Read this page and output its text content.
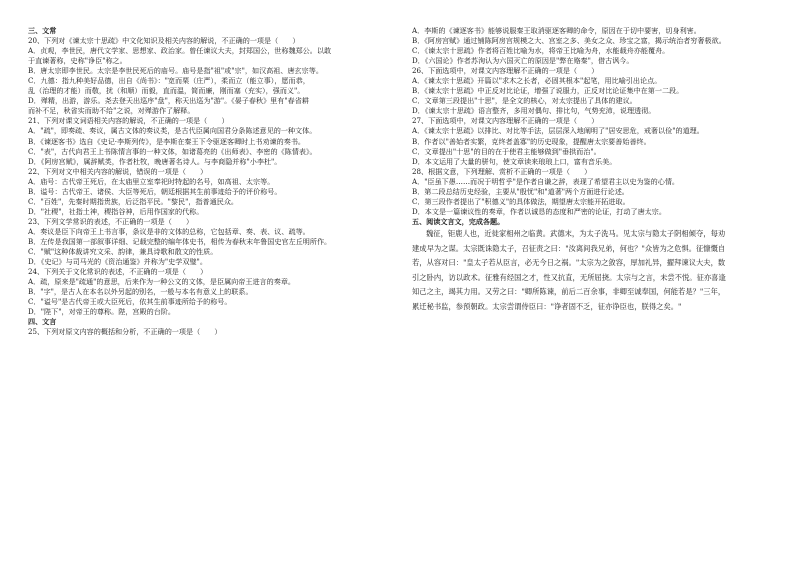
三、文常
20、下列对《谏太宗十思疏》中文化知识及相关内容的解说，不正确的一项是（　　）
A．贞观，李世民，唐代文学家、思想家、政治家。曾任谏议大夫，封郑国公，世称魏郑公。以敢
于直谏著称，史称"诤臣"称之。
B．唐太宗即李世民。太宗是李世民死后的庙号。庙号是指"祖"或"宗"，如汉高祖、唐玄宗等。
C．九德：指九种美好品德，出自《尚书》："宽而栗（庄严），柔而立（能立事），愿而恭，
乱（治理的才能）而敬，扰（和顺）而毅，直而温，简而廉，刚而塞（充实），强而义"。
D．殚精，出游，游乐。尧去登天出巡序"盘"，称天出巡为"游"。《晏子春秋》里有"春省耕
而补不足，秋省实而助不给"之说，对殚游作了解释。
21、下列对课文词语相关内容的解说，不正确的一项是（　　）
A．"疏"，即奏疏、奏议，属古文体的奏议类，是古代臣属向国君分条陈述意见的一种文体。
B．《谏逐客书》选自《史记·李斯列传》，是李斯在秦王下令驱逐客卿时上书劝谏的奏书。
C．"表"，古代向君王上书陈情言事的一种文体，如诸葛亮的《出师表》、李密的《陈情表》。
D．《阿房宫赋》，属辞赋类，作者杜牧，晚唐著名诗人。与李商隐并称"小李杜"。
22、下列对文中相关内容的解说，错误的一项是（　　）
A．庙号：古代帝王死后，在太庙里立室奉祀时特起的名号，如高祖、太宗等。
B．谥号：古代帝王、诸侯、大臣等死后，朝廷根据其生前事迹给予的评价称号。
C．"百姓"，先秦时期指贵族，后泛指平民。"黎民"，指普通民众。
D．"社稷"，社指土神，稷指谷神，后用作国家的代称。
23、下列文学常识的表述，不正确的一项是（　　）
A．奏议是臣下向帝王上书言事，条议是非的文体的总称，它包括章、奏、表、议、疏等。
B．左传是我国第一部叙事详细、记载完整的编年体史书，相传为春秋末年鲁国史官左丘明所作。
C．"赋"这种体裁讲究文采、韵律，兼具诗歌和散文的性质。
D．《史记》与司马光的《资治通鉴》并称为"史学双璧"。
24、下列关于文化常识的表述，不正确的一项是（　　）
A．疏，原来是"疏通"的意思，后来作为一种公文的文体，是臣属向帝王进言的奏章。
B．"字"，是古人在本名以外另起的别名，一般与本名有意义上的联系。
C．"谥号"是古代帝王或大臣死后，依其生前事迹所给予的称号。
D．"陛下"，对帝王的尊称。陛，宫殿的台阶。
四、文言
25、下列对原文内容的概括和分析，不正确的一项是（　　）
A．李斯的《谏逐客书》能够说服秦王取消驱逐客卿的命令，原因在于切中要害，切身利害。
B．《阿房宫赋》通过铺陈阿房宫规模之大、宫室之多、美女之众、珍宝之富，揭示统治者穷奢极欲。
C．《谏太宗十思疏》作者将百姓比喻为水，将帝王比喻为舟，水能载舟亦能覆舟。
D．《六国论》作者苏洵认为六国灭亡的原因是"弊在赂秦"，借古讽今。
26、下面选项中，对课文内容理解不正确的一项是（　　）
A．《谏太宗十思疏》开篇以"求木之长者，必固其根本"起笔，用比喻引出论点。
B．《谏太宗十思疏》中正反对比论证，增强了说服力，正反对比论证集中在第一二段。
C．文章第三段提出"十思"，是全文的核心，对太宗提出了具体的建议。
D．《谏太宗十思疏》语言整齐，多用对偶句、排比句，气势充沛，说理透彻。
27、下面选项中，对课文内容理解不正确的一项是（　　）
A．《谏太宗十思疏》以排比、对比等手法，层层深入地阐明了"居安思危，戒奢以俭"的道理。
B．作者以"善始者实繁，克终者盖寡"的历史现象，提醒唐太宗要善始善终。
C．文章提出"十思"的目的在于使君主能够做到"垂拱而治"。
D．本文运用了大量的骈句，使文章读来琅琅上口，富有音乐美。
28、根据文意，下列理解、赏析不正确的一项是（　　）
A．"臣虽下愚……而况于明哲乎"是作者自谦之辞，表现了希望君主以史为鉴的心情。
B．第二段总结历史经验，主要从"殷忧"和"道著"两个方面进行论述。
C．第三段作者提出了"积德义"的具体做法，期望唐太宗能开拓进取。
D．本文是一篇谏议性的奏章，作者以诚恳的态度和严密的论证，打动了唐太宗。
五、阅读文言文，完成各题。
魏征，钜鹿人也，近徙家相州之临黄。武德末，为太子洗马。见太宗与隐太子阴相倾夺，每劝
建成早为之谋。太宗既诛隐太子，召征责之曰："汝离间我兄弟，何也？"众皆为之危惧。征慷慨自
若，从容对曰："皇太子若从臣言，必无今日之祸。"太宗为之敛容，厚加礼异，擢拜谏议大夫，数
引之卧内，访以政术。征雅有经国之才，性又抗直，无所屈挠。太宗与之言，未尝不悦。征亦喜逢
知己之主，竭其力用。又劳之曰："卿所陈谏，前后二百余事，非卿至诚奉国，何能若是？"三年，
累迁秘书监，参预朝政。太宗尝谓侍臣曰："诤者固不乏，征亦诤臣也，朕得之矣。"
